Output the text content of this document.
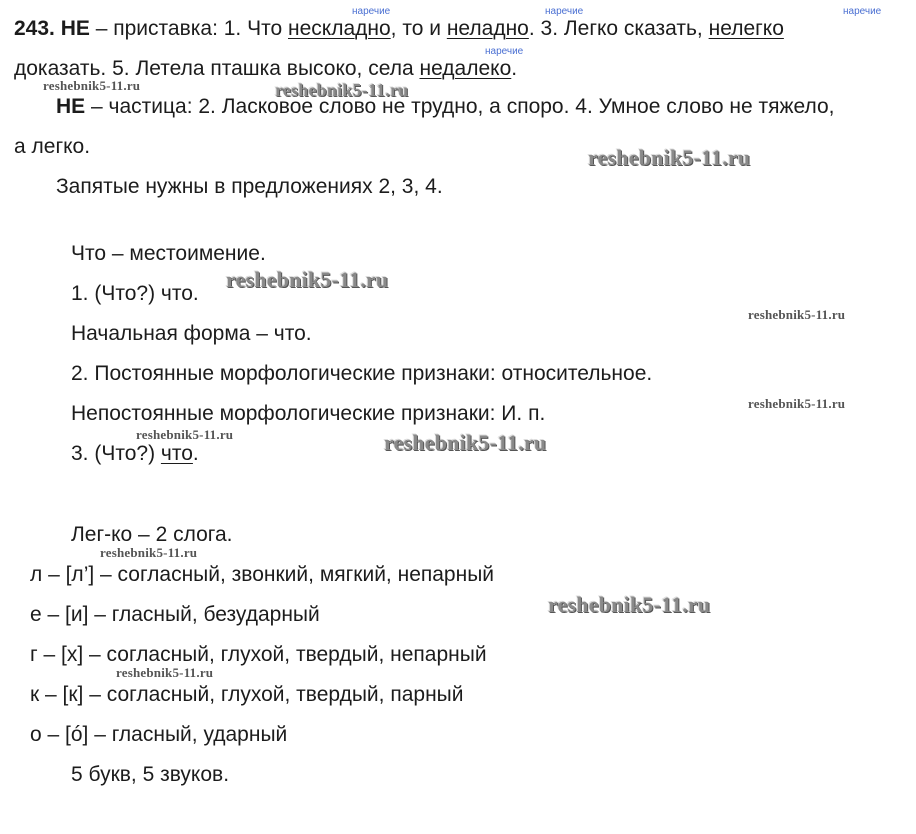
243. НЕ – приставка: 1. Что нескладно, то и неладно. 3. Легко сказать, нелегко
наречие	наречие	наречие
доказать. 5. Летела пташка высоко, села недалеко.
наречие
reshebnik5-11.ru	reshebnik5-11.ru
НЕ – частица: 2. Ласковое слово не трудно, а споро. 4. Умное слово не тяжело,
а легко.	reshebnik5-11.ru
Запятые нужны в предложениях 2, 3, 4.
Что – местоимение.
1. (Что?) что.
reshebnik5-11.ru
reshebnik5-11.ru
Начальная форма – что.
2. Постоянные морфологические признаки: относительное.
reshebnik5-11.ru
Непостоянные морфологические признаки: И. п.
reshebnik5-11.ru	reshebnik5-11.ru
3. (Что?) что.
Лег-ко – 2 слога.
reshebnik5-11.ru
л – [л’] – согласный, звонкий, мягкий, непарный
reshebnik5-11.ru
е – [и] – гласный, безударный
г – [х] – согласный, глухой, твердый, непарный
reshebnik5-11.ru
к – [к] – согласный, глухой, твердый, парный
о – [ó] – гласный, ударный
5 букв, 5 звуков.
